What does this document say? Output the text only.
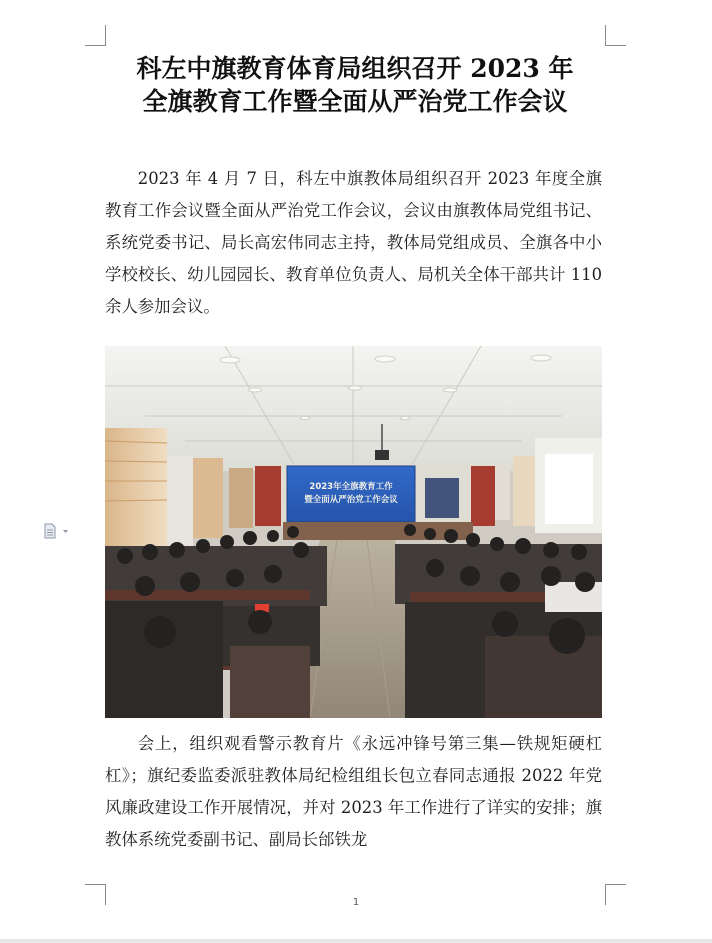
科左中旗教育体育局组织召开 2023 年
全旗教育工作暨全面从严治党工作会议

2023 年 4 月 7 日，科左中旗教体局组织召开 2023 年度全旗教育工作会议暨全面从严治党工作会议，会议由旗教体局党组书记、系统党委书记、局长高宏伟同志主持，教体局党组成员、全旗各中小学校校长、幼儿园园长、教育单位负责人、局机关全体干部共计 110 余人参加会议。

2023年全旗教育工作
暨全面从严治党工作会议

会上，组织观看警示教育片《永远冲锋号第三集—铁规矩硬杠杠》；旗纪委监委派驻教体局纪检组组长包立春同志通报 2022 年党风廉政建设工作开展情况，并对 2023 年工作进行了详实的安排；旗教体系统党委副书记、副局长邰铁龙

1
